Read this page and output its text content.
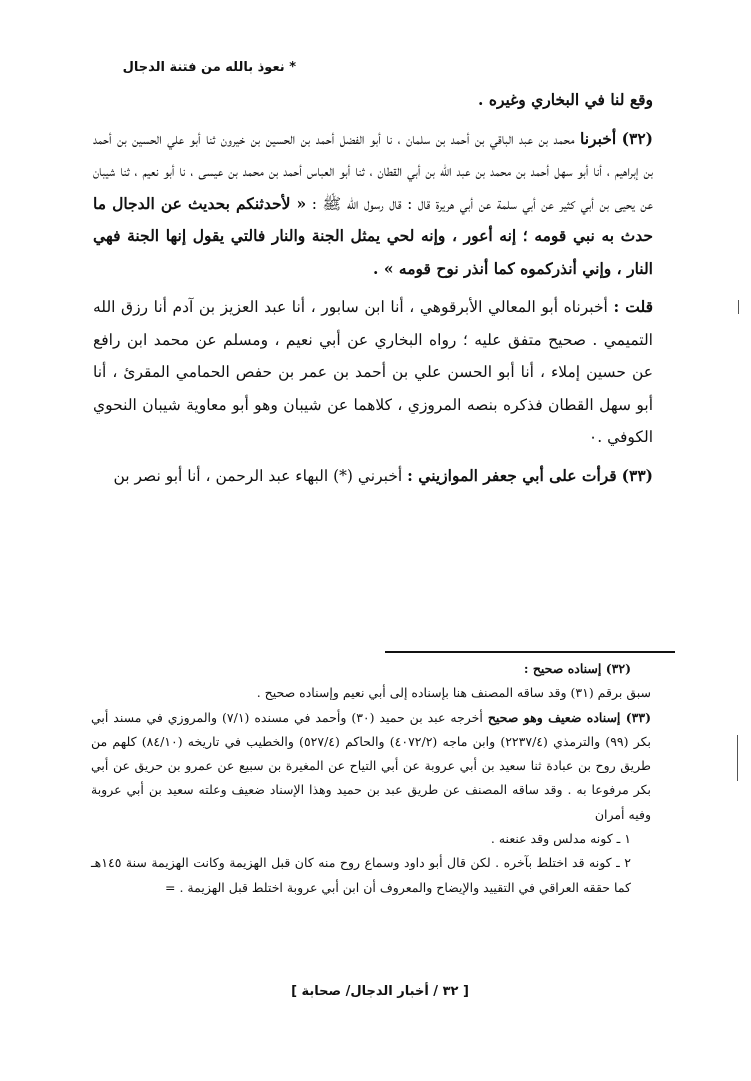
* نعوذ بالله من فتنة الدجال

وقع لنا في البخاري وغيره .

(٣٢) أخبرنا محمد بن عبد الباقي بن أحمد بن سلمان ، نا أبو الفضل أحمد بن الحسين بن خيرون ثنا أبو علي الحسين بن أحمد بن إبراهيم ، أنا أبو سهل أحمد بن محمد بن عبد الله بن أبي القطان ، ثنا أبو العباس أحمد بن محمد بن عيسى ، نا أبو نعيم ، ثنا شيبان عن يحيى بن أبي كثير عن أبي سلمة عن أبي هريرة قال : قال رسول الله ﷺ : « لأحدثنكم بحديث عن الدجال ما حدث به نبي قومه ؛ إنه أعور ، وإنه لحي يمثل الجنة والنار فالتي يقول إنها الجنة فهي النار ، وإني أنذركموه كما أنذر نوح قومه » .

قلت : أخبرناه أبو المعالي الأبرقوهي ، أنا ابن سابور ، أنا عبد العزيز بن آدم أنا رزق الله التميمي . صحيح متفق عليه ؛ رواه البخاري عن أبي نعيم ، ومسلم عن محمد ابن رافع عن حسين إملاء ، أنا أبو الحسن علي بن أحمد بن عمر بن حفص الحمامي المقرئ ، أنا أبو سهل القطان فذكره بنصه المروزي ، كلاهما عن شيبان وهو أبو معاوية شيبان النحوي الكوفي .٠

(٣٣) قرأت على أبي جعفر الموازيني : أخبرني (*) البهاء عبد الرحمن ، أنا أبو نصر بن

(٣٢) إسناده صحيح :

سبق برقم (٣١) وقد ساقه المصنف هنا بإسناده إلى أبي نعيم وإسناده صحيح .

(٣٣) إسناده ضعيف وهو صحيح أخرجه عبد بن حميد (٣٠) وأحمد في مسنده (٧/١) والمروزي في مسند أبي بكر (٩٩) والترمذي (٢٢٣٧/٤) وابن ماجه (٤٠٧٢/٢) والحاكم (٥٢٧/٤) والخطيب في تاريخه (٨٤/١٠) كلهم من طريق روح بن عبادة ثنا سعيد بن أبي عروبة عن أبي التياح عن المغيرة بن سبيع عن عمرو بن حريق عن أبي بكر مرفوعا به . وقد ساقه المصنف عن طريق عبد بن حميد وهذا الإسناد ضعيف وعلته سعيد بن أبي عروبة وفيه أمران

١ ـ كونه مدلس وقد عنعنه .

٢ ـ كونه قد اختلط بآخره . لكن قال أبو داود وسماع روح منه كان قبل الهزيمة وكانت الهزيمة سنة ١٤٥هـ كما حققه العراقي في التقييد والإيضاح والمعروف أن ابن أبي عروبة اختلط قبل الهزيمة . =

[ ٣٢ / أخبار الدجال/ صحابة ]
